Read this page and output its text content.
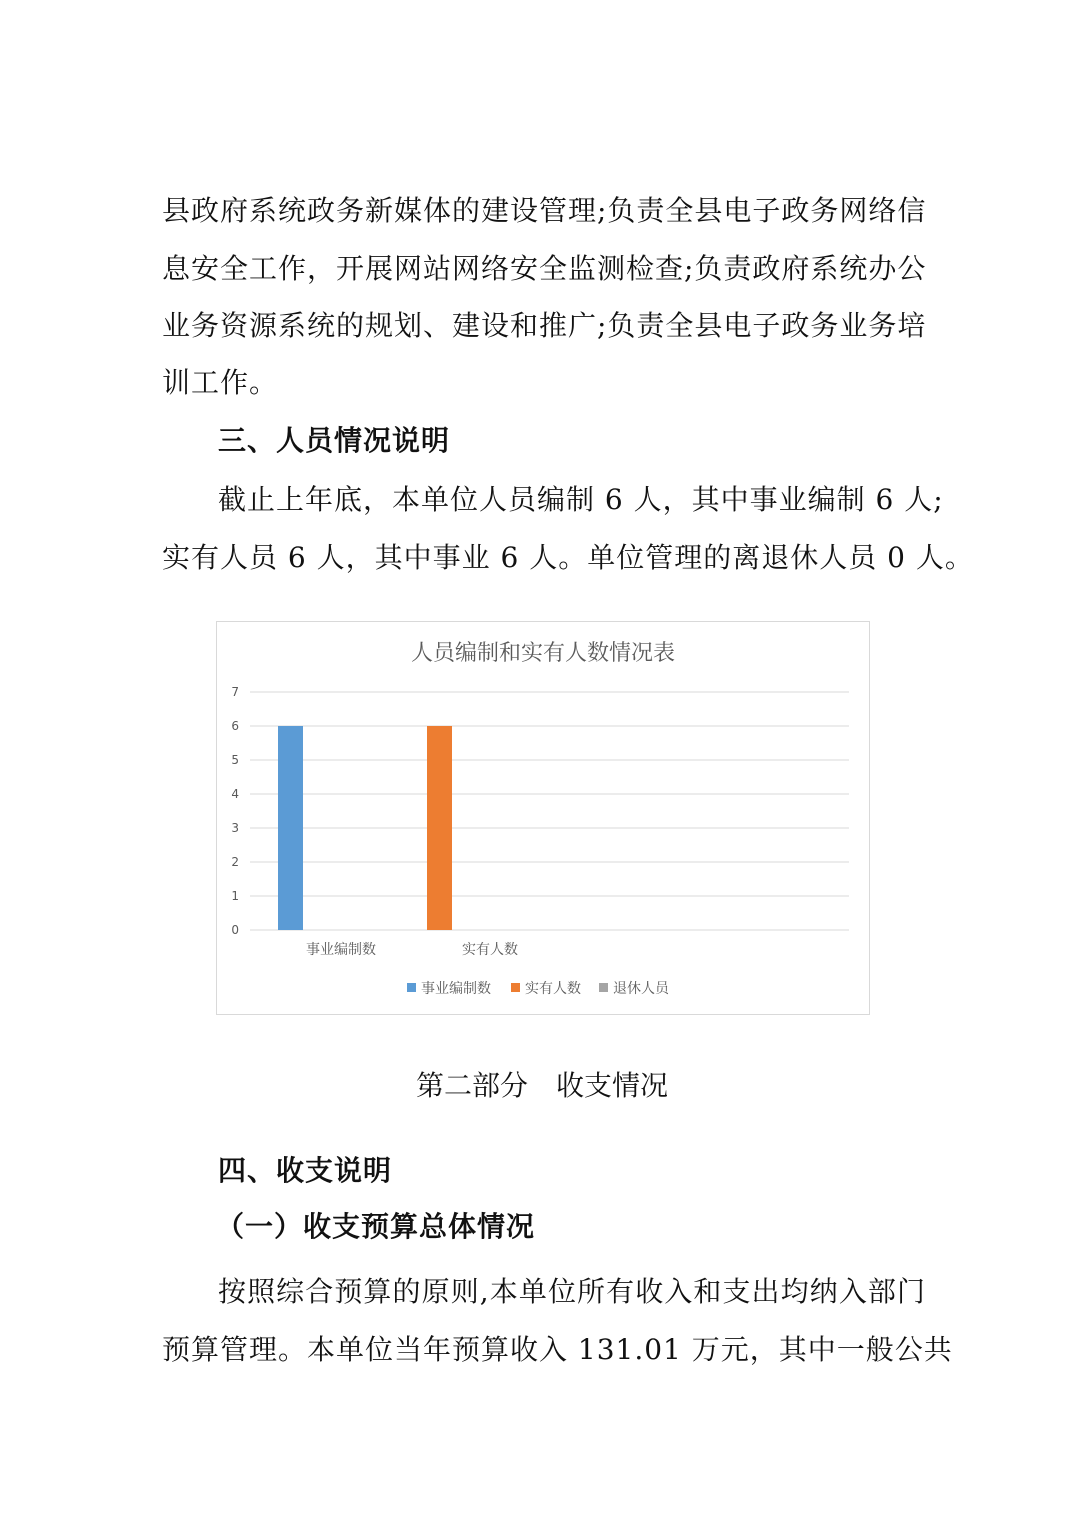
县政府系统政务新媒体的建设管理;负责全县电子政务网络信
息安全工作，开展网站网络安全监测检查;负责政府系统办公
业务资源系统的规划、建设和推广;负责全县电子政务业务培
训工作。
三、人员情况说明
截止上年底，本单位人员编制 6 人，其中事业编制 6 人;
实有人员 6 人，其中事业 6 人。单位管理的离退休人员 0 人。
人员编制和实有人数情况表
0
1
2
3
4
5
6
7
事业编制数	实有人数
事业编制数 实有人数 退休人员
第二部分　收支情况
四、收支说明
（一）收支预算总体情况
按照综合预算的原则,本单位所有收入和支出均纳入部门
预算管理。本单位当年预算收入 131.01 万元，其中一般公共
